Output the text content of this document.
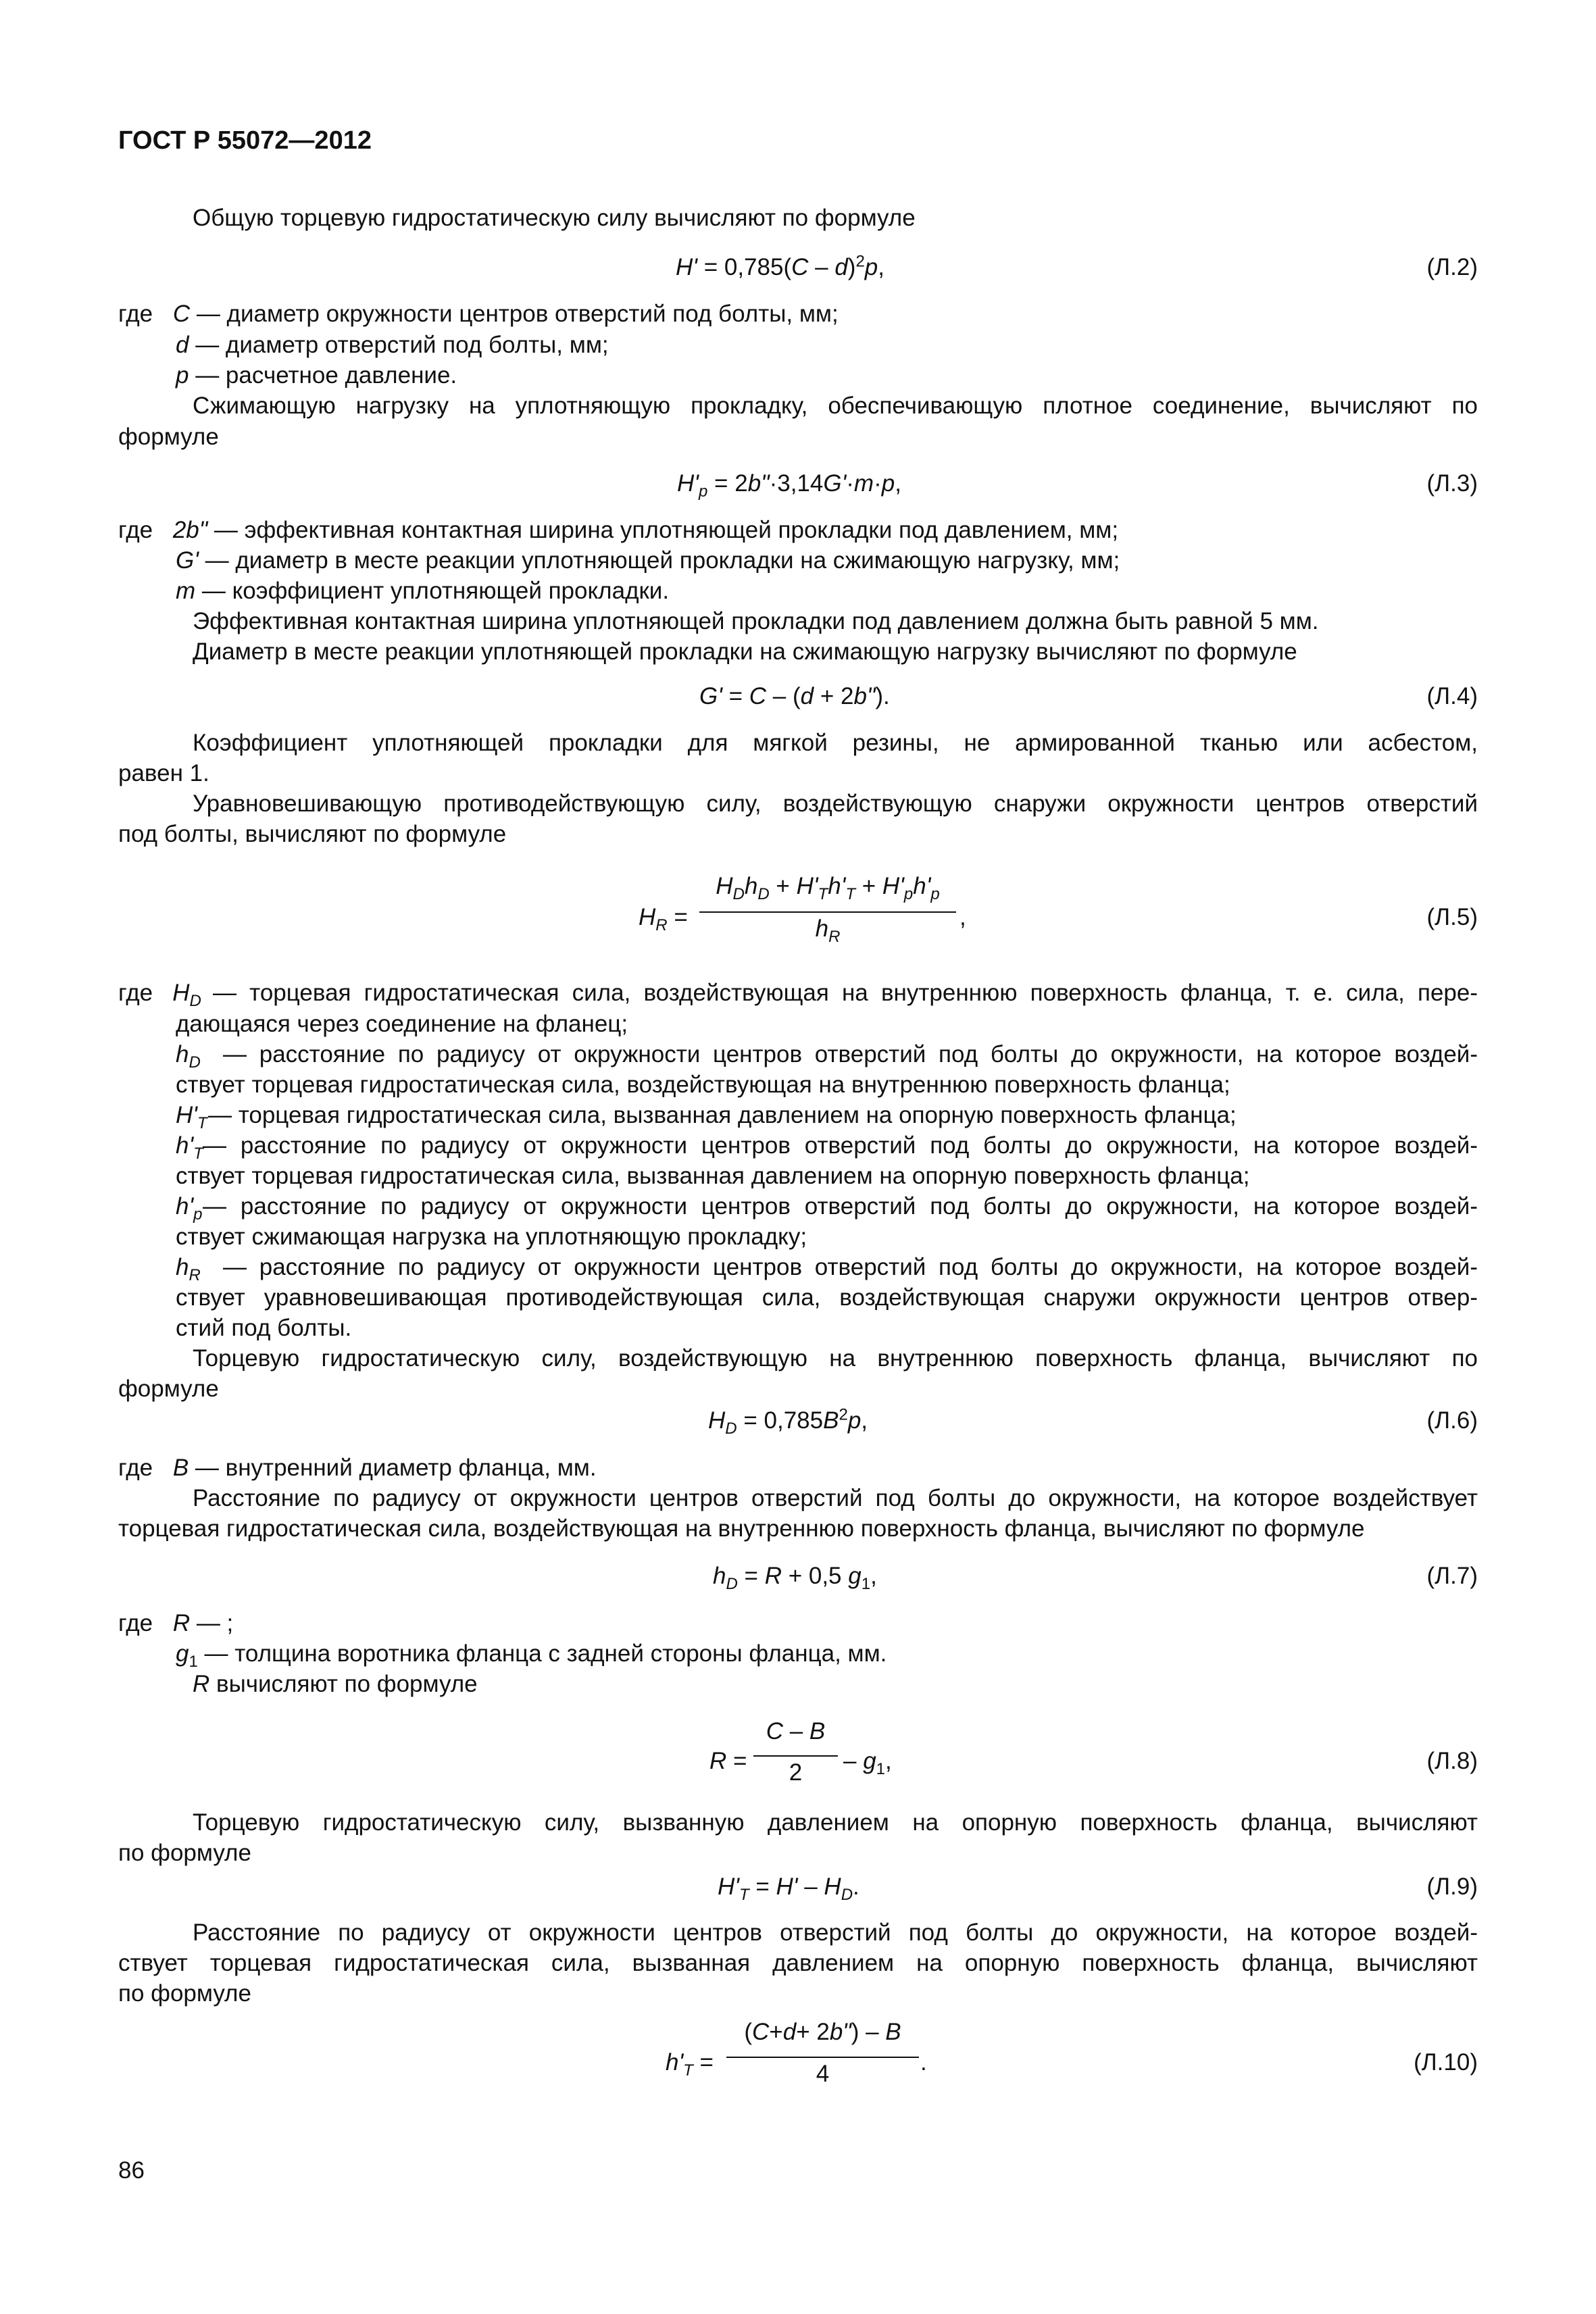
ГОСТ Р 55072—2012
Общую торцевую гидростатическую силу вычисляют по формуле
H' = 0,785(C – d)$^2$p,	(Л.2)
где C — диаметр окружности центров отверстий под болты, мм;
d — диаметр отверстий под болты, мм;
p — расчетное давление.
Сжимающую нагрузку на уплотняющую прокладку, обеспечивающую плотное соединение, вычисляют по
формуле
$H'_p$ = 2b"·3,14G'·m·p,	(Л.3)
где 2b" — эффективная контактная ширина уплотняющей прокладки под давлением, мм;
G' — диаметр в месте реакции уплотняющей прокладки на сжимающую нагрузку, мм;
m — коэффициент уплотняющей прокладки.
Эффективная контактная ширина уплотняющей прокладки под давлением должна быть равной 5 мм.
Диаметр в месте реакции уплотняющей прокладки на сжимающую нагрузку вычисляют по формуле
G' = C – (d + 2b").	(Л.4)
Коэффициент уплотняющей прокладки для мягкой резины, не армированной тканью или асбестом,
равен 1.
Уравновешивающую противодействующую силу, воздействующую снаружи окружности центров отверстий
под болты, вычисляют по формуле
$H_R$ =
$H_Dh_D + H'_Th'_T + H'_ph'_p$
$h_R$
,	(Л.5)
где   $H_D$ — торцевая гидростатическая сила, воздействующая на внутреннюю поверхность фланца, т. е. сила, пере-
дающаяся через соединение на фланец;
$h_D$ — расстояние по радиусу от окружности центров отверстий под болты до окружности, на которое воздей-
ствует торцевая гидростатическая сила, воздействующая на внутреннюю поверхность фланца;
$H'_T$ — торцевая гидростатическая сила, вызванная давлением на опорную поверхность фланца;
$h'_T$ — расстояние по радиусу от окружности центров отверстий под болты до окружности, на которое воздей-
ствует торцевая гидростатическая сила, вызванная давлением на опорную поверхность фланца;
$h'_p$ — расстояние по радиусу от окружности центров отверстий под болты до окружности, на которое воздей-
ствует сжимающая нагрузка на уплотняющую прокладку;
$h_R$ — расстояние по радиусу от окружности центров отверстий под болты до окружности, на которое воздей-
ствует уравновешивающая противодействующая сила, воздействующая снаружи окружности центров отвер-
стий под болты.
Торцевую гидростатическую силу, воздействующую на внутреннюю поверхность фланца, вычисляют по
формуле
$H_D = 0,785B^2p$,	(Л.6)
где B — внутренний диаметр фланца, мм.
Расстояние по радиусу от окружности центров отверстий под болты до окружности, на которое воздействует
торцевая гидростатическая сила, воздействующая на внутреннюю поверхность фланца, вычисляют по формуле
$h_D = R + 0,5$ $g_1$,	(Л.7)
где R — ;
$g_1$ — толщина воротника фланца с задней стороны фланца, мм.
R вычисляют по формуле
R =
C – B
2	– $g_1$,	(Л.8)
Торцевую гидростатическую силу, вызванную давлением на опорную поверхность фланца, вычисляют
по формуле
$H'_T = H' - H_D$.	(Л.9)
Расстояние по радиусу от окружности центров отверстий под болты до окружности, на которое воздей-
ствует торцевая гидростатическая сила, вызванная давлением на опорную поверхность фланца, вычисляют
по формуле
$h'_T$ =
(C+d+ 2b") – B
4	.	(Л.10)
86
